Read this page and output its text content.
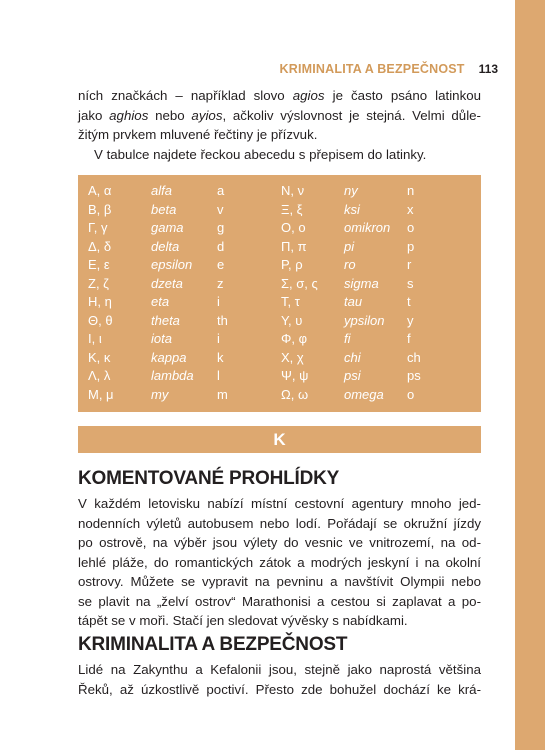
KRIMINALITA A BEZPEČNOST 113
ních značkách – například slovo agios je často psáno latinkou
jako aghios nebo ayios, ačkoliv výslovnost je stejná. Velmi důle-
žitým prvkem mluvené řečtiny je přízvuk.
V tabulce najdete řeckou abecedu s přepisem do latinky.
Α, α	alfa	a	Ν, ν	ny	n
Β, β	beta	v	Ξ, ξ	ksi	x
Γ, γ	gama	g	Ο, ο	omikron o
Δ, δ	delta	d	Π, π	pi	p
Ε, ε	epsilon e	Ρ, ρ	ro	r
Ζ, ζ	dzeta	z	Σ, σ, ς sigma s
Η, η	eta	i	Τ, τ	tau	t
Θ, θ	theta	th	Υ, υ	ypsilon y
Ι, ι	iota	i	Φ, φ	fi	f
Κ, κ	kappa k	Χ, χ	chi	ch
Λ, λ	lambda l	Ψ, ψ	psi	ps
Μ, μ	my	m	Ω, ω	omega o
K
KOMENTOVANÉ PROHLÍDKY
V každém letovisku nabízí místní cestovní agentury mnoho jed-
nodenních výletů autobusem nebo lodí. Pořádají se okružní jízdy
po ostrově, na výběr jsou výlety do vesnic ve vnitrozemí, na od-
lehlé pláže, do romantických zátok a modrých jeskyní i na okolní
ostrovy. Můžete se vypravit na pevninu a navštívit Olympii nebo
se plavit na „želví ostrov“ Marathonisi a cestou si zaplavat a po-
tápět se v moři. Stačí jen sledovat vývěsky s nabídkami.
KRIMINALITA A BEZPEČNOST
Lidé na Zakynthu a Kefalonii jsou, stejně jako naprostá většina
Řeků, až úzkostlivě poctiví. Přesto zde bohužel dochází ke krá-
